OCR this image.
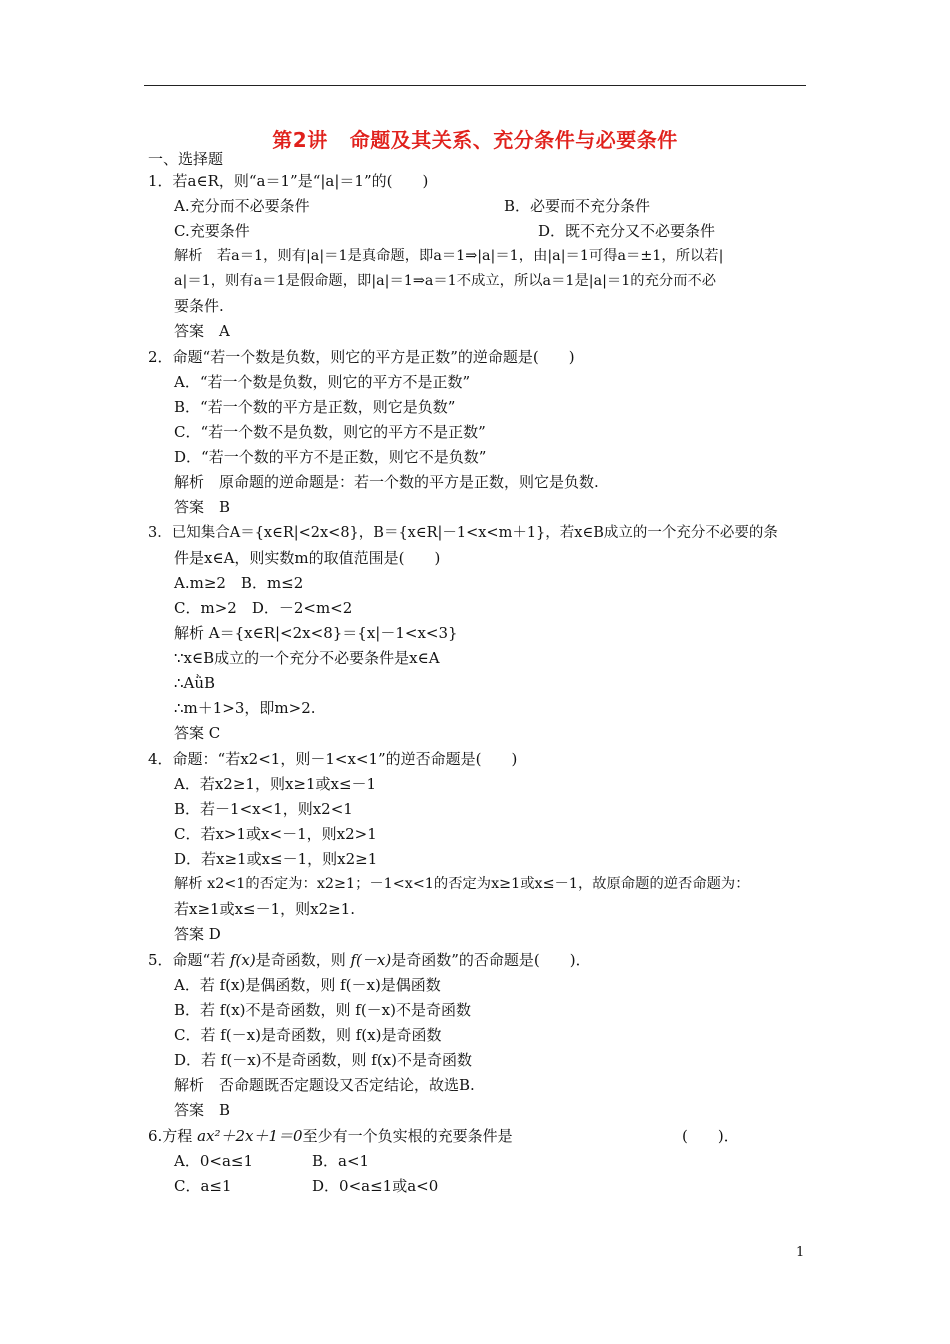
第2讲 命题及其关系、充分条件与必要条件
一、选择题
1．若a∈R，则“a＝1”是“|a|＝1”的(　　)
A.充分而不必要条件	B．必要而不充分条件
C.充要条件	D．既不充分又不必要条件
解析　若a＝1，则有|a|＝1是真命题，即a＝1⇒|a|＝1，由|a|＝1可得a＝±1，所以若|
a|＝1，则有a＝1是假命题，即|a|＝1⇒a＝1不成立，所以a＝1是|a|＝1的充分而不必
要条件.
答案　A
2．命题“若一个数是负数，则它的平方是正数”的逆命题是(　　)
A．“若一个数是负数，则它的平方不是正数”
B．“若一个数的平方是正数，则它是负数”
C．“若一个数不是负数，则它的平方不是正数”
D．“若一个数的平方不是正数，则它不是负数”
解析　原命题的逆命题是：若一个数的平方是正数，则它是负数.
答案　B
3．已知集合A＝{x∈R|<2x<8}，B＝{x∈R|－1<x<m＋1}，若x∈B成立的一个充分不必要的条
件是x∈A，则实数m的取值范围是(　　)
A.m≥2　B．m≤2
C．m>2　D．－2<m<2
解析 A＝{x∈R|<2x<8}＝{x|－1<x<3}
∵x∈B成立的一个充分不必要条件是x∈A
∴AǜB
∴m＋1>3，即m>2.
答案 C
4．命题：“若x2<1，则－1<x<1”的逆否命题是(　　)
A．若x2≥1，则x≥1或x≤－1
B．若－1<x<1，则x2<1
C．若x>1或x<－1，则x2>1
D．若x≥1或x≤－1，则x2≥1
解析 x2<1的否定为：x2≥1；－1<x<1的否定为x≥1或x≤－1，故原命题的逆否命题为：
若x≥1或x≤－1，则x2≥1.
答案 D
5．命题“若 f(x)是奇函数，则 f(－x)是奇函数”的否命题是(　　)．
A．若 f(x)是偶函数，则 f(－x)是偶函数
B．若 f(x)不是奇函数，则 f(－x)不是奇函数
C．若 f(－x)是奇函数，则 f(x)是奇函数
D．若 f(－x)不是奇函数，则 f(x)不是奇函数
解析　否命题既否定题设又否定结论，故选B.
答案　B
6.方程 ax²＋2x＋1＝0至少有一个负实根的充要条件是	(　　)．
A．0<a≤1	B．a<1
C．a≤1	D．0<a≤1或a<0
1
